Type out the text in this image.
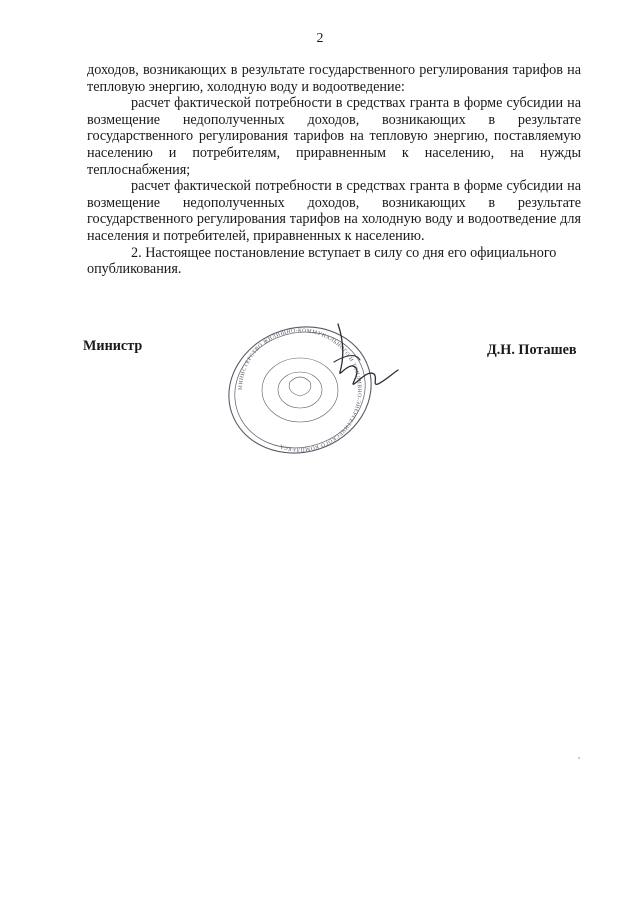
2

доходов, возникающих в результате государственного регулирования тарифов на тепловую энергию, холодную воду и водоотведение:

расчет фактической потребности в средствах гранта в форме субсидии на возмещение недополученных доходов, возникающих в результате государственного регулирования тарифов на тепловую энергию, поставляемую населению и потребителям, приравненным к населению, на нужды теплоснабжения;

расчет фактической потребности в средствах гранта в форме субсидии на возмещение недополученных доходов, возникающих в результате государственного регулирования тарифов на холодную воду и водоотведение для населения и потребителей, приравненных к населению.

2. Настоящее постановление вступает в силу со дня его официального опубликования.

Министр
МИНИСТЕРСТВО ЖИЛИЩНО-КОММУНАЛЬНОГО И ТОПЛИВНО-ЭНЕРГЕТИЧЕСКОГО КОМПЛЕКСА
Д.Н. Поташев
